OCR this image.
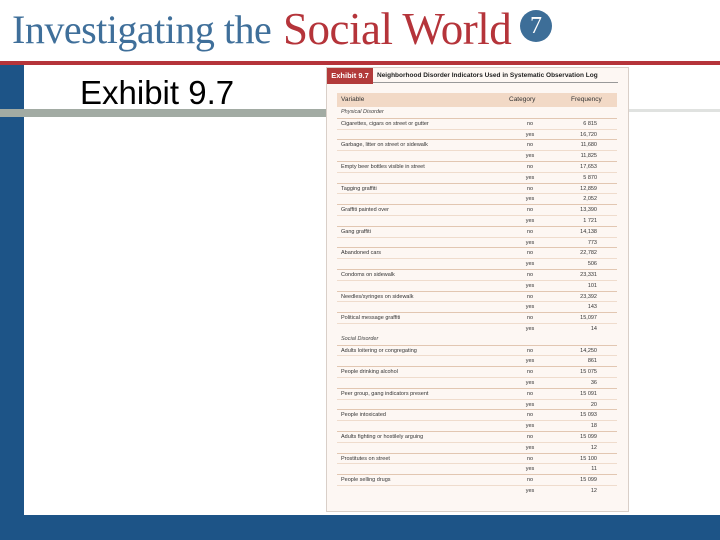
Investigating the Social World 7
Exhibit 9.7	Exhibit 9.7	Neighborhood Disorder Indicators Used in Systematic Observation Log
Variable	Category	Frequency
Physical Disorder
Cigarettes, cigars on street or gutter	no	6 815
yes	16,720
Garbage, litter on street or sidewalk	no	11,680
yes	11,825
Empty beer bottles visible in street	no	17,653
yes	5 870
Tagging graffiti	no	12,859
yes	2,052
Graffiti painted over	no	13,390
yes	1 721
Gang graffiti	no	14,138
yes	773
Abandoned cars	no	22,782
yes	506
Condoms on sidewalk	no	23,331
yes	101
Needles/syringes on sidewalk	no	23,392
yes	143
Political message graffiti	no	15,097
yes	14
Social Disorder
Adults loitering or congregating	no	14,250
yes	861
People drinking alcohol	no	15 075
yes	36
Peer group, gang indicators present	no	15 091
yes	20
People intoxicated	no	15 093
yes	18
Adults fighting or hostilely arguing	no	15 099
yes	12
Prostitutes on street	no	15 100
yes	11
People selling drugs	no	15 099
yes	12
